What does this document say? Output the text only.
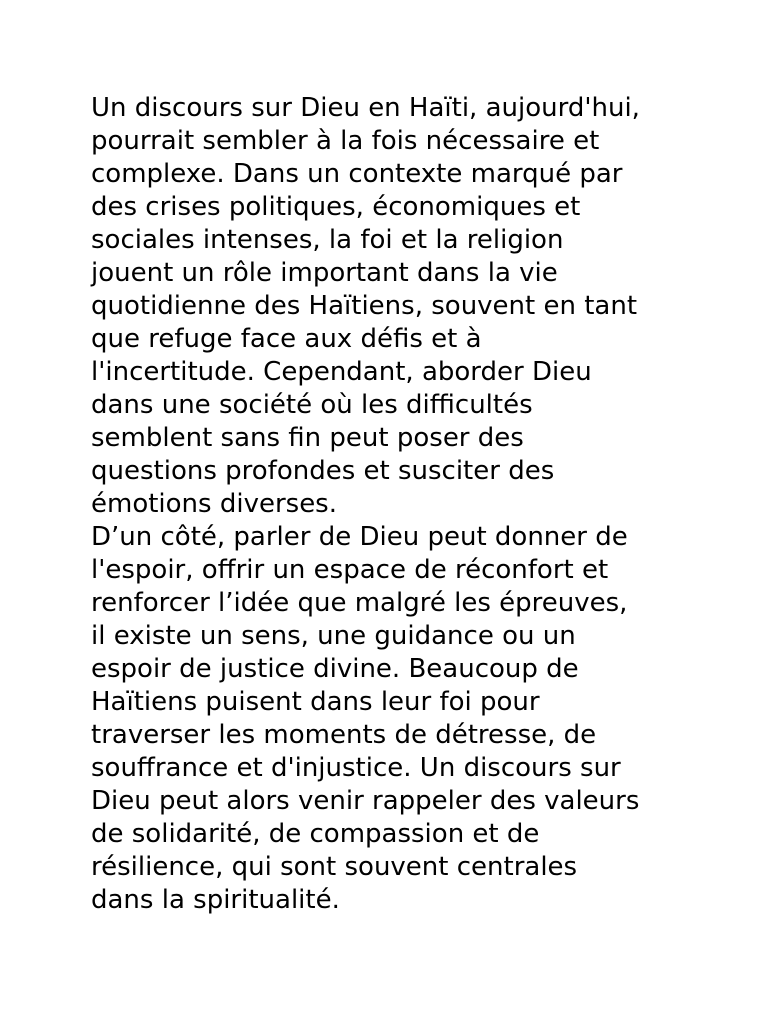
Un discours sur Dieu en Haïti, aujourd'hui,
pourrait sembler à la fois nécessaire et
complexe. Dans un contexte marqué par
des crises politiques, économiques et
sociales intenses, la foi et la religion
jouent un rôle important dans la vie
quotidienne des Haïtiens, souvent en tant
que refuge face aux défis et à
l'incertitude. Cependant, aborder Dieu
dans une société où les difficultés
semblent sans fin peut poser des
questions profondes et susciter des
émotions diverses.
D’un côté, parler de Dieu peut donner de
l'espoir, offrir un espace de réconfort et
renforcer l’idée que malgré les épreuves,
il existe un sens, une guidance ou un
espoir de justice divine. Beaucoup de
Haïtiens puisent dans leur foi pour
traverser les moments de détresse, de
souffrance et d'injustice. Un discours sur
Dieu peut alors venir rappeler des valeurs
de solidarité, de compassion et de
résilience, qui sont souvent centrales
dans la spiritualité.
